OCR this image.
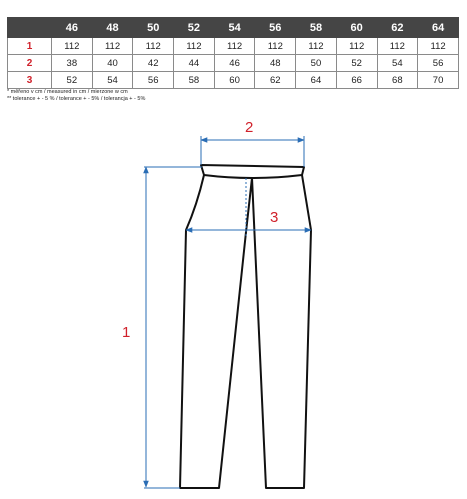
	46	48	50	52	54	56	58	60	62	64
1	112	112	112	112	112	112	112	112	112	112
2	38	40	42	44	46	48	50	52	54	56
3	52	54	56	58	60	62	64	66	68	70
* měřeno v cm / measured in cm / mierzone w cm
** tolerance + - 5 % / tolerance + - 5% / tolerancja + - 5%
1
2
3
